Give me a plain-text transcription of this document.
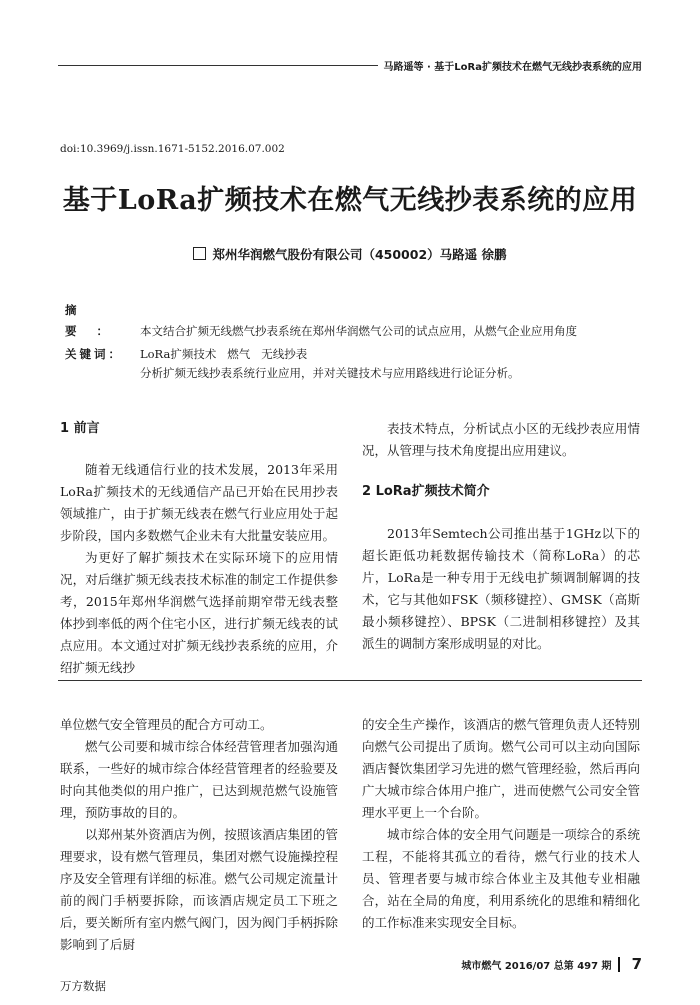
马路遥等 · 基于LoRa扩频技术在燃气无线抄表系统的应用
doi:10.3969/j.issn.1671-5152.2016.07.002
基于LoRa扩频技术在燃气无线抄表系统的应用
郑州华润燃气股份有限公司（450002）马路遥 徐鹏
摘要： 本文结合扩频无线燃气抄表系统在郑州华润燃气公司的试点应用，从燃气企业应用角度
分析扩频无线抄表系统行业应用，并对关键技术与应用路线进行论证分析。
关键词： LoRa扩频技术   燃气   无线抄表

1 前言

随着无线通信行业的技术发展，2013年采用LoRa扩频技术的无线通信产品已开始在民用抄表领域推广，由于扩频无线表在燃气行业应用处于起步阶段，国内多数燃气企业未有大批量安装应用。

为更好了解扩频技术在实际环境下的应用情况，对后继扩频无线表技术标准的制定工作提供参考，2015年郑州华润燃气选择前期窄带无线表整体抄到率低的两个住宅小区，进行扩频无线表的试点应用。本文通过对扩频无线抄表系统的应用，介绍扩频无线抄

表技术特点，分析试点小区的无线抄表应用情况，从管理与技术角度提出应用建议。

2 LoRa扩频技术简介

2013年Semtech公司推出基于1GHz以下的超长距低功耗数据传输技术（简称LoRa）的芯片，LoRa是一种专用于无线电扩频调制解调的技术，它与其他如FSK（频移键控）、GMSK（高斯最小频移键控）、BPSK（二进制相移键控）及其派生的调制方案形成明显的对比。

单位燃气安全管理员的配合方可动工。

燃气公司要和城市综合体经营管理者加强沟通联系，一些好的城市综合体经营管理者的经验要及时向其他类似的用户推广，已达到规范燃气设施管理，预防事故的目的。

以郑州某外资酒店为例，按照该酒店集团的管理要求，设有燃气管理员，集团对燃气设施操控程序及安全管理有详细的标准。燃气公司规定流量计前的阀门手柄要拆除，而该酒店规定员工下班之后，要关断所有室内燃气阀门，因为阀门手柄拆除影响到了后厨

的安全生产操作，该酒店的燃气管理负责人还特别向燃气公司提出了质询。燃气公司可以主动向国际酒店餐饮集团学习先进的燃气管理经验，然后再向广大城市综合体用户推广，进而使燃气公司安全管理水平更上一个台阶。

城市综合体的安全用气问题是一项综合的系统工程，不能将其孤立的看待，燃气行业的技术人员、管理者要与城市综合体业主及其他专业相融合，站在全局的角度，利用系统化的思维和精细化的工作标准来实现安全目标。

城市燃气 2016/07 总第 497 期 7
万方数据
